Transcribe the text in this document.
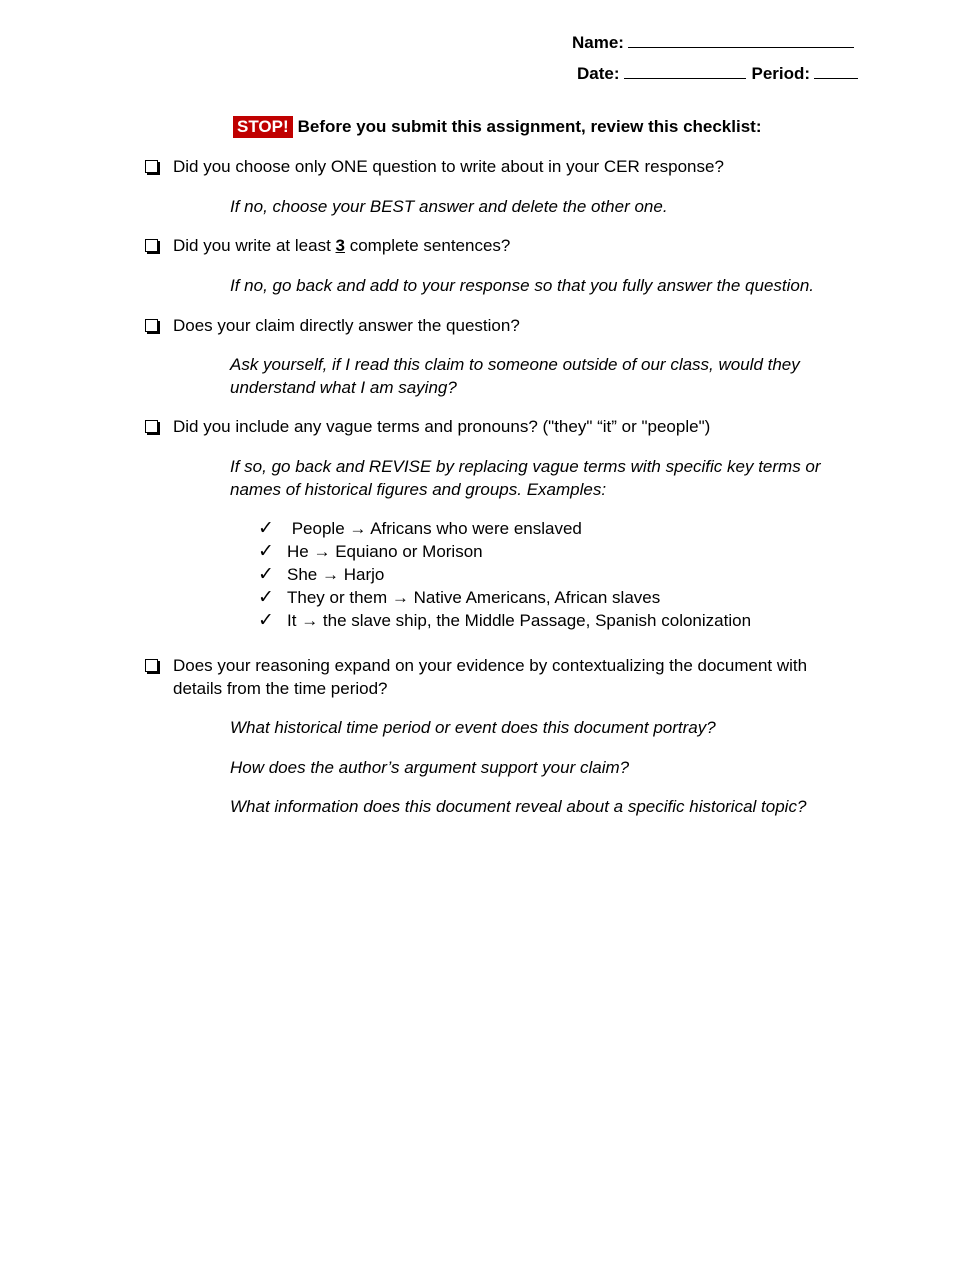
Name:
Date:	Period:
STOP! Before you submit this assignment, review this checklist:
Did you choose only ONE question to write about in your CER response?
If no, choose your BEST answer and delete the other one.
Did you write at least 3 complete sentences?
If no, go back and add to your response so that you fully answer the question.
Does your claim directly answer the question?
Ask yourself, if I read this claim to someone outside of our class, would they understand what I am saying?
Did you include any vague terms and pronouns? ("they" “it” or "people")
If so, go back and REVISE by replacing vague terms with specific key terms or names of historical figures and groups. Examples:
✓ People → Africans who were enslaved
✓ He → Equiano or Morison
✓ She → Harjo
✓ They or them → Native Americans, African slaves
✓ It → the slave ship, the Middle Passage, Spanish colonization
Does your reasoning expand on your evidence by contextualizing the document with details from the time period?
What historical time period or event does this document portray?
How does the author’s argument support your claim?
What information does this document reveal about a specific historical topic?
